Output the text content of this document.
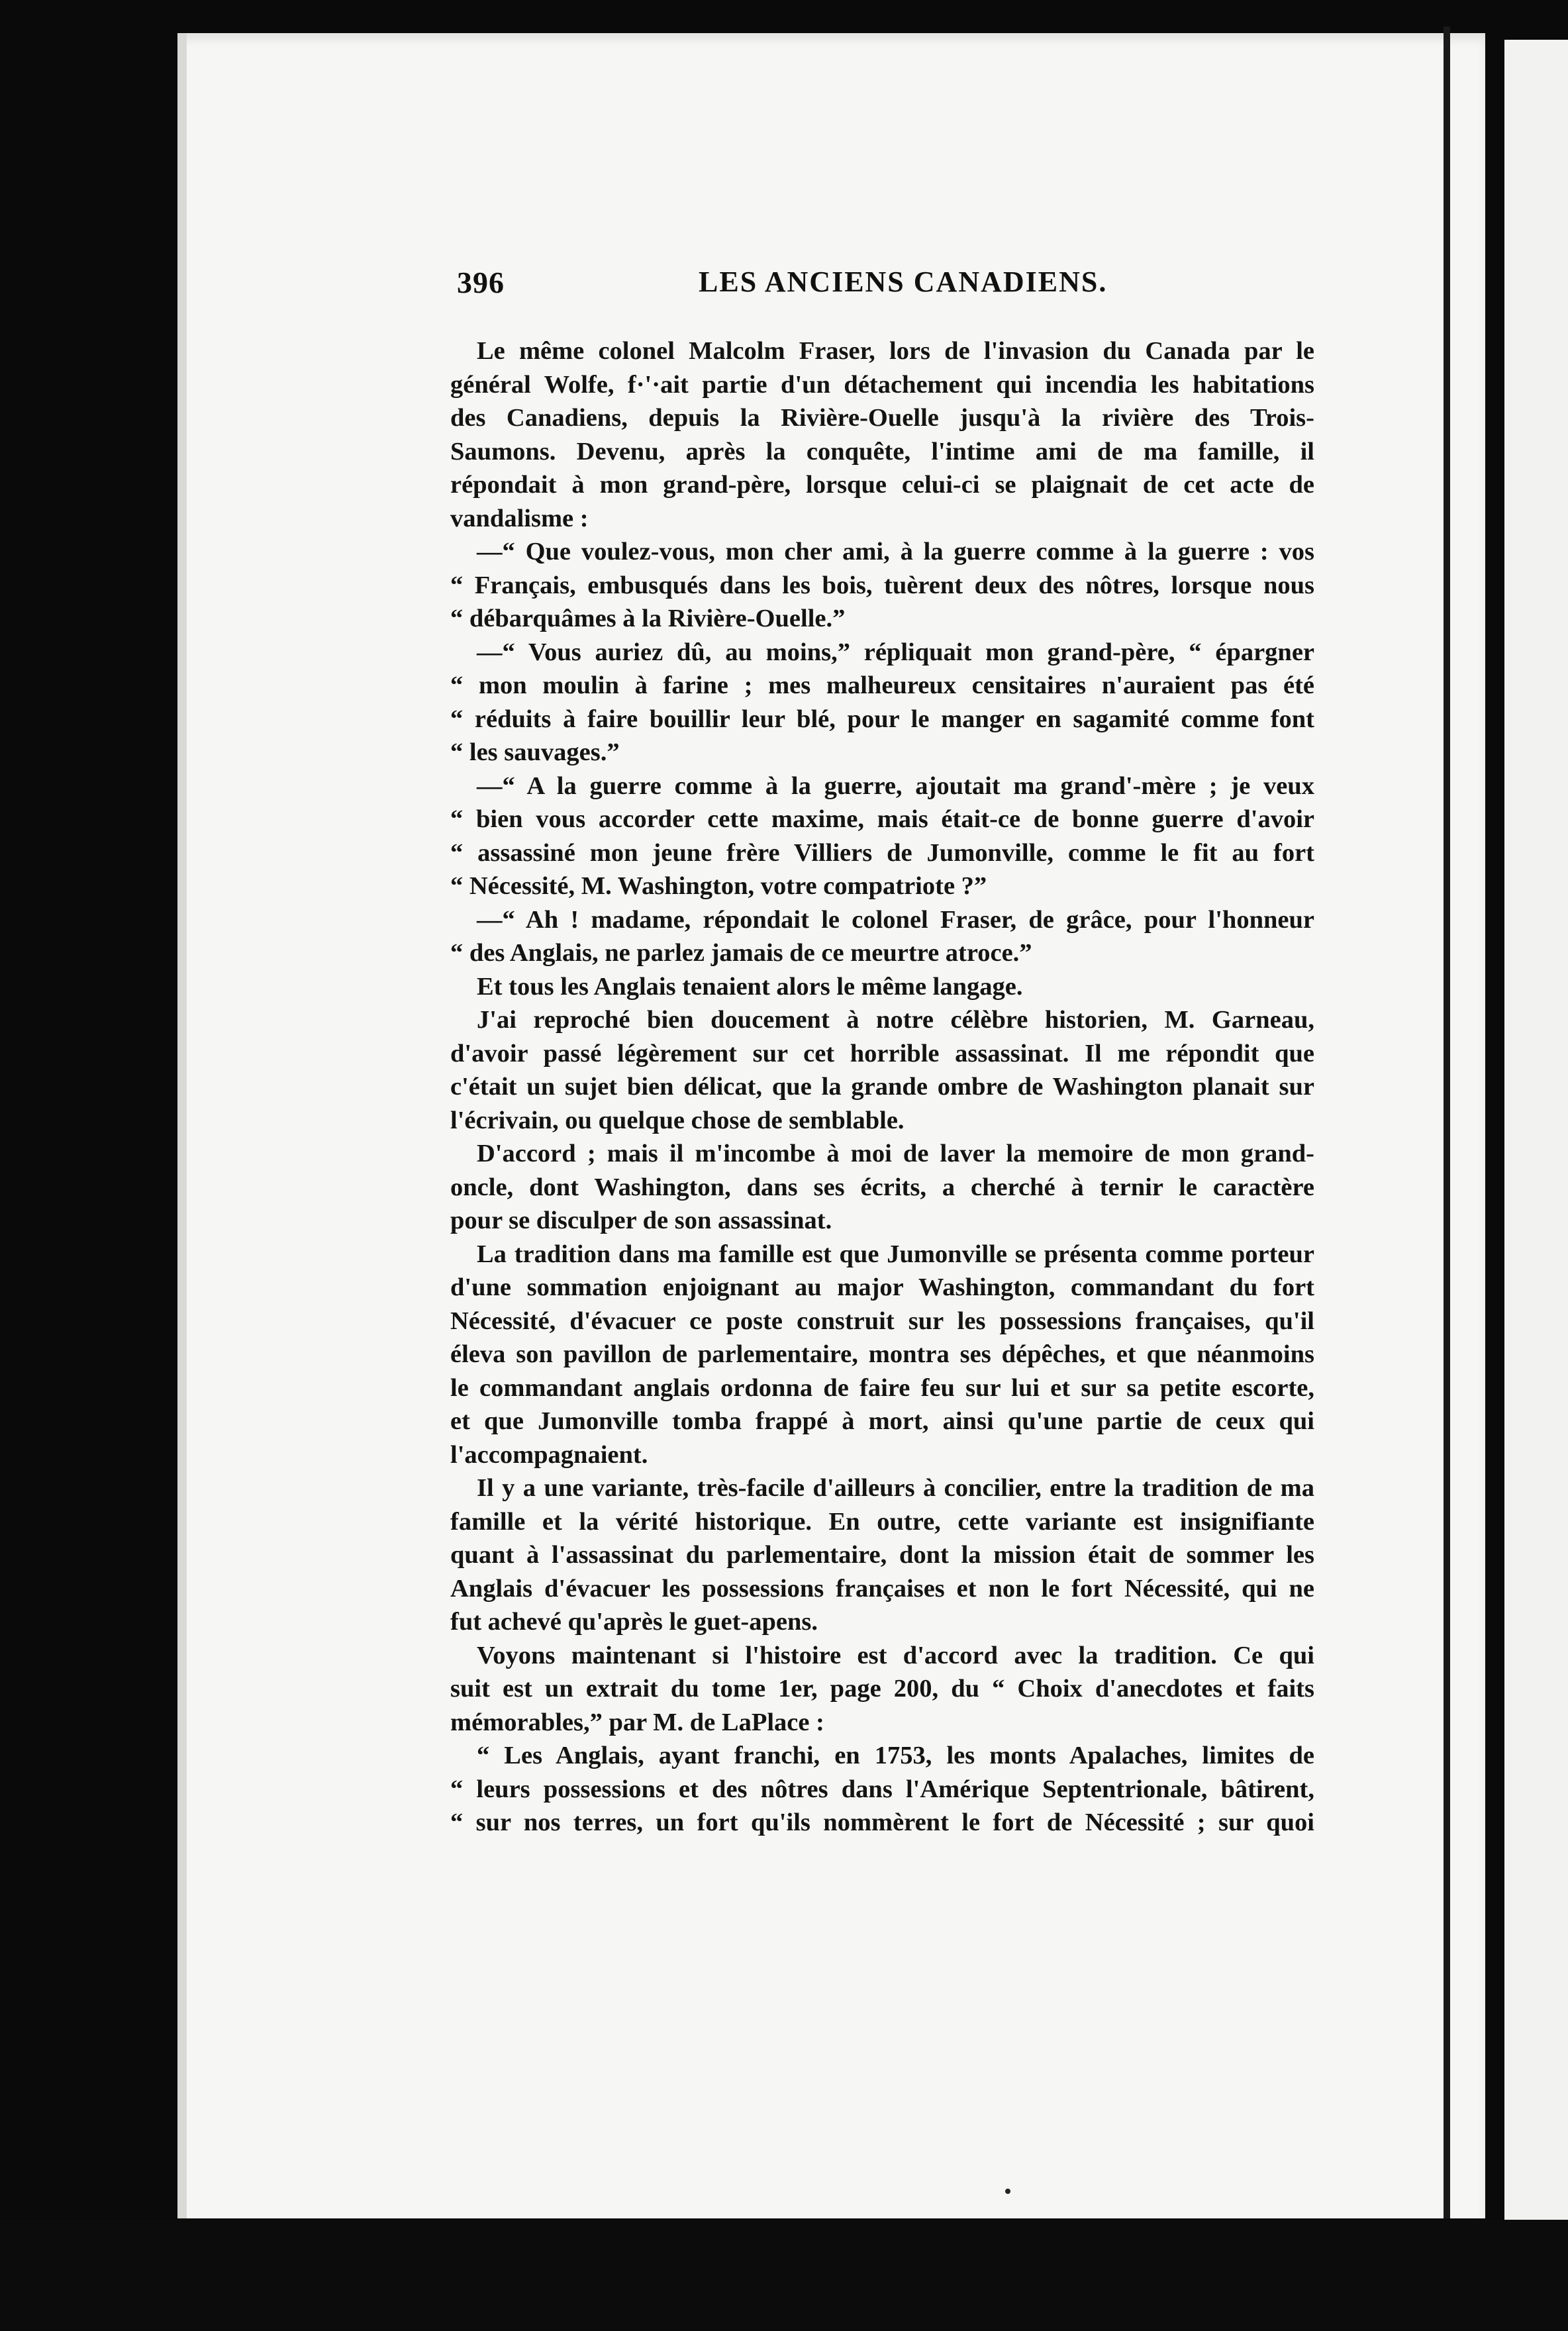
396	LES ANCIENS CANADIENS.
Le même colonel Malcolm Fraser, lors de l'invasion du Canada par le
général Wolfe, f·'·ait partie d'un détachement qui incendia les habitations
des Canadiens, depuis la Rivière-Ouelle jusqu'à la rivière des Trois-
Saumons. Devenu, après la conquête, l'intime ami de ma famille, il
répondait à mon grand-père, lorsque celui-ci se plaignait de cet acte de
vandalisme :
—“ Que voulez-vous, mon cher ami, à la guerre comme à la guerre : vos
“ Français, embusqués dans les bois, tuèrent deux des nôtres, lorsque nous
“ débarquâmes à la Rivière-Ouelle.”
—“ Vous auriez dû, au moins,” répliquait mon grand-père, “ épargner
“ mon moulin à farine ; mes malheureux censitaires n'auraient pas été
“ réduits à faire bouillir leur blé, pour le manger en sagamité comme font
“ les sauvages.”
—“ A la guerre comme à la guerre, ajoutait ma grand'-mère ; je veux
“ bien vous accorder cette maxime, mais était-ce de bonne guerre d'avoir
“ assassiné mon jeune frère Villiers de Jumonville, comme le fit au fort
“ Nécessité, M. Washington, votre compatriote ?”
—“ Ah ! madame, répondait le colonel Fraser, de grâce, pour l'honneur
“ des Anglais, ne parlez jamais de ce meurtre atroce.”
Et tous les Anglais tenaient alors le même langage.
J'ai reproché bien doucement à notre célèbre historien, M. Garneau,
d'avoir passé légèrement sur cet horrible assassinat. Il me répondit que
c'était un sujet bien délicat, que la grande ombre de Washington planait sur
l'écrivain, ou quelque chose de semblable.
D'accord ; mais il m'incombe à moi de laver la memoire de mon grand-
oncle, dont Washington, dans ses écrits, a cherché à ternir le caractère
pour se disculper de son assassinat.
La tradition dans ma famille est que Jumonville se présenta comme porteur
d'une sommation enjoignant au major Washington, commandant du fort
Nécessité, d'évacuer ce poste construit sur les possessions françaises, qu'il
éleva son pavillon de parlementaire, montra ses dépêches, et que néanmoins
le commandant anglais ordonna de faire feu sur lui et sur sa petite escorte,
et que Jumonville tomba frappé à mort, ainsi qu'une partie de ceux qui
l'accompagnaient.
Il y a une variante, très-facile d'ailleurs à concilier, entre la tradition de ma
famille et la vérité historique. En outre, cette variante est insignifiante
quant à l'assassinat du parlementaire, dont la mission était de sommer les
Anglais d'évacuer les possessions françaises et non le fort Nécessité, qui ne
fut achevé qu'après le guet-apens.
Voyons maintenant si l'histoire est d'accord avec la tradition. Ce qui
suit est un extrait du tome 1er, page 200, du “ Choix d'anecdotes et faits
mémorables,” par M. de LaPlace :
“ Les Anglais, ayant franchi, en 1753, les monts Apalaches, limites de
“ leurs possessions et des nôtres dans l'Amérique Septentrionale, bâtirent,
“ sur nos terres, un fort qu'ils nommèrent le fort de Nécessité ; sur quoi
